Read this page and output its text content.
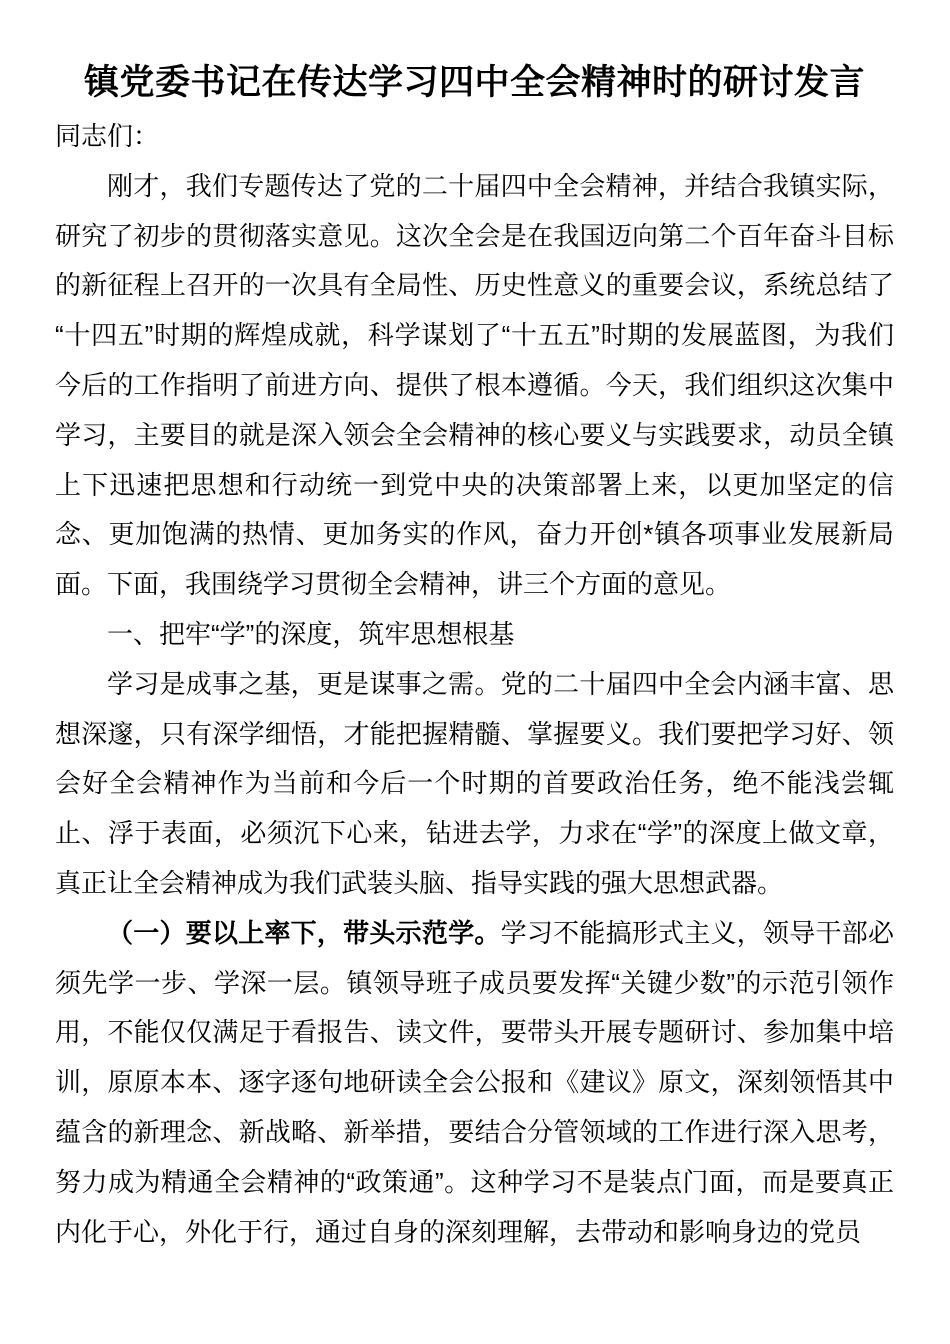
镇党委书记在传达学习四中全会精神时的研讨发言

同志们：

刚才，我们专题传达了党的二十届四中全会精神，并结合我镇实际，研究了初步的贯彻落实意见。这次全会是在我国迈向第二个百年奋斗目标的新征程上召开的一次具有全局性、历史性意义的重要会议，系统总结了“十四五”时期的辉煌成就，科学谋划了“十五五”时期的发展蓝图，为我们今后的工作指明了前进方向、提供了根本遵循。今天，我们组织这次集中学习，主要目的就是深入领会全会精神的核心要义与实践要求，动员全镇上下迅速把思想和行动统一到党中央的决策部署上来，以更加坚定的信念、更加饱满的热情、更加务实的作风，奋力开创*镇各项事业发展新局面。下面，我围绕学习贯彻全会精神，讲三个方面的意见。

一、把牢“学”的深度，筑牢思想根基

学习是成事之基，更是谋事之需。党的二十届四中全会内涵丰富、思想深邃，只有深学细悟，才能把握精髓、掌握要义。我们要把学习好、领会好全会精神作为当前和今后一个时期的首要政治任务，绝不能浅尝辄止、浮于表面，必须沉下心来，钻进去学，力求在“学”的深度上做文章，真正让全会精神成为我们武装头脑、指导实践的强大思想武器。

（一）要以上率下，带头示范学。学习不能搞形式主义，领导干部必须先学一步、学深一层。镇领导班子成员要发挥“关键少数”的示范引领作用，不能仅仅满足于看报告、读文件，要带头开展专题研讨、参加集中培训，原原本本、逐字逐句地研读全会公报和《建议》原文，深刻领悟其中蕴含的新理念、新战略、新举措，要结合分管领域的工作进行深入思考，努力成为精通全会精神的“政策通”。这种学习不是装点门面，而是要真正内化于心，外化于行，通过自身的深刻理解，去带动和影响身边的党员
